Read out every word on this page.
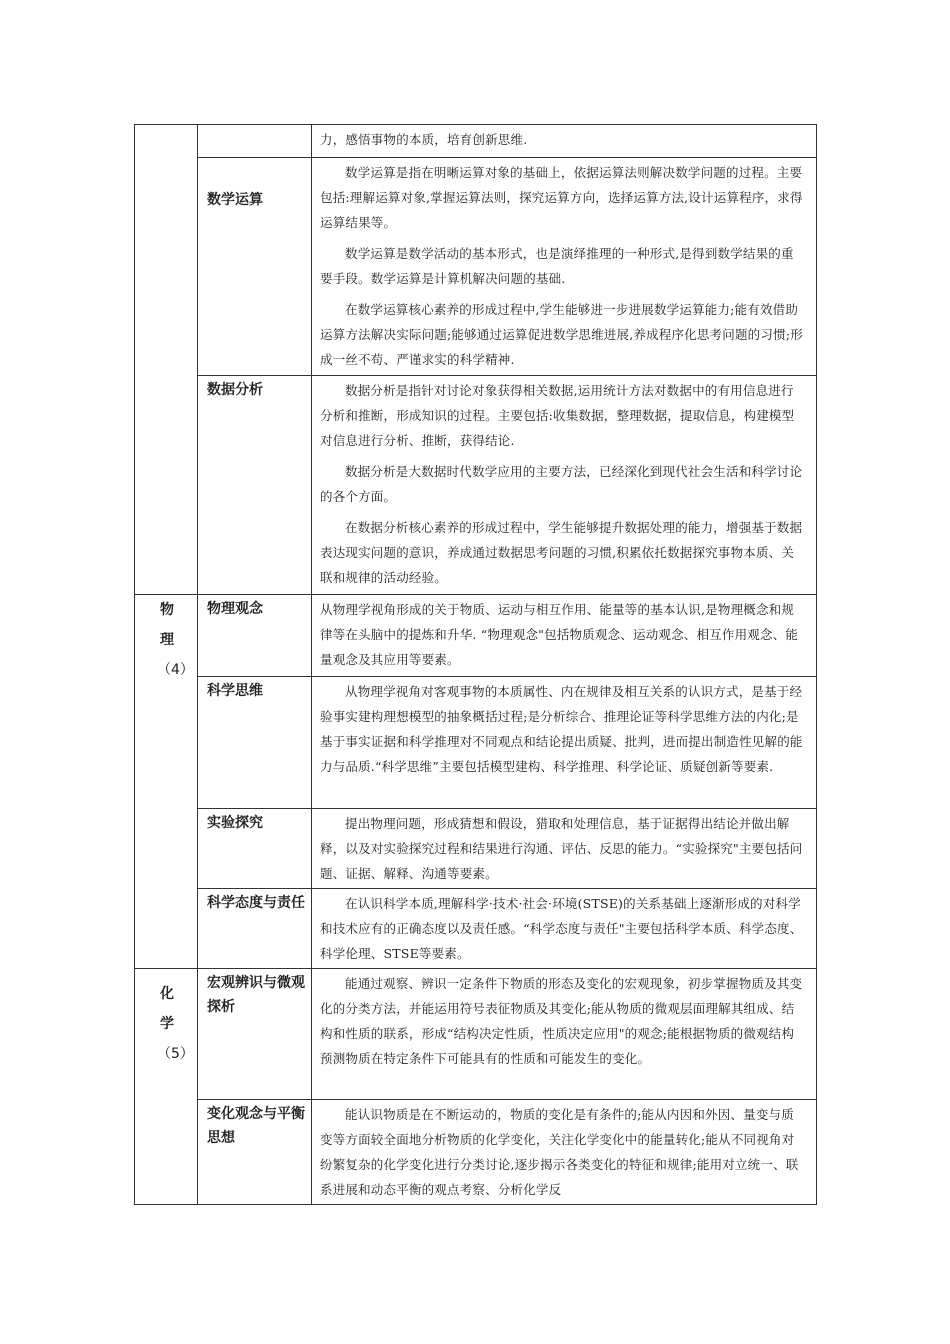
		力，感悟事物的本质，培育创新思维.

	数学运算	数学运算是指在明晰运算对象的基础上，依据运算法则解决数学问题的过程。主要包括:理解运算对象,掌握运算法则，探究运算方向，选择运算方法,设计运算程序，求得运算结果等。

数学运算是数学活动的基本形式，也是演绎推理的一种形式,是得到数学结果的重要手段。数学运算是计算机解决问题的基础.

在数学运算核心素养的形成过程中,学生能够进一步进展数学运算能力;能有效借助运算方法解决实际问题;能够通过运算促进数学思维进展,养成程序化思考问题的习惯;形成一丝不苟、严谨求实的科学精神.

	数据分析	数据分析是指针对讨论对象获得相关数据,运用统计方法对数据中的有用信息进行分析和推断，形成知识的过程。主要包括:收集数据，整理数据，提取信息，构建模型对信息进行分析、推断，获得结论.

数据分析是大数据时代数学应用的主要方法，已经深化到现代社会生活和科学讨论的各个方面。

在数据分析核心素养的形成过程中，学生能够提升数据处理的能力，增强基于数据表达现实问题的意识，养成通过数据思考问题的习惯,积累依托数据探究事物本质、关联和规律的活动经验。

物
理
（4）	物理观念	从物理学视角形成的关于物质、运动与相互作用、能量等的基本认识,是物理概念和规律等在头脑中的提炼和升华. “物理观念"包括物质观念、运动观念、相互作用观念、能量观念及其应用等要素。

	科学思维	从物理学视角对客观事物的本质属性、内在规律及相互关系的认识方式，是基于经验事实建构理想模型的抽象概括过程;是分析综合、推理论证等科学思维方法的内化;是基于事实证据和科学推理对不同观点和结论提出质疑、批判，进而提出制造性见解的能力与品质.“科学思维”主要包括模型建构、科学推理、科学论证、质疑创新等要素.

	实验探究	提出物理问题，形成猜想和假设，猎取和处理信息，基于证据得出结论并做出解释，以及对实验探究过程和结果进行沟通、评估、反思的能力。“实验探究"主要包括问题、证据、解释、沟通等要素。

	科学态度与责任	在认识科学本质,理解科学·技术·社会·环境(STSE)的关系基础上逐渐形成的对科学和技术应有的正确态度以及责任感。“科学态度与责任"主要包括科学本质、科学态度、科学伦理、STSE等要素。

化
学
（5）	宏观辨识与微观探析	能通过观察、辨识一定条件下物质的形态及变化的宏观现象，初步掌握物质及其变化的分类方法，并能运用符号表征物质及其变化;能从物质的微观层面理解其组成、结构和性质的联系，形成“结构决定性质，性质决定应用"的观念;能根据物质的微观结构预测物质在特定条件下可能具有的性质和可能发生的变化。

	变化观念与平衡思想	能认识物质是在不断运动的，物质的变化是有条件的;能从内因和外因、量变与质变等方面较全面地分析物质的化学变化，关注化学变化中的能量转化;能从不同视角对纷繁复杂的化学变化进行分类讨论,逐步揭示各类变化的特征和规律;能用对立统一、联系进展和动态平衡的观点考察、分析化学反
